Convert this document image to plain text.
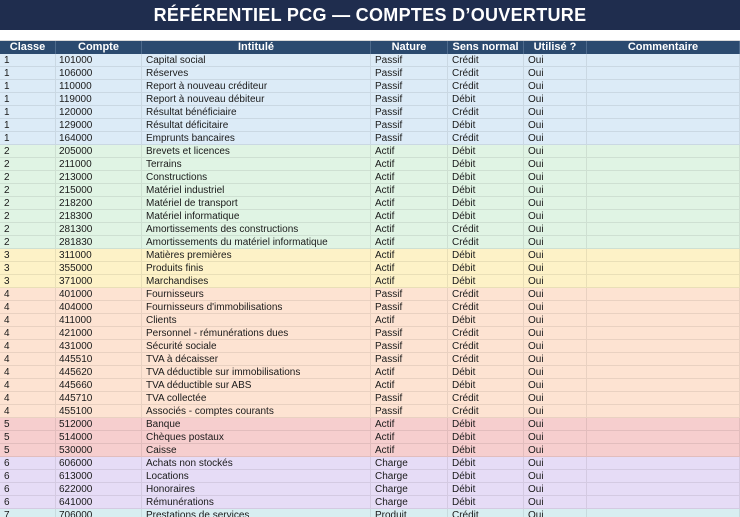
RÉFÉRENTIEL PCG — COMPTES D’OUVERTURE
Classe	Compte	Intitulé	Nature	Sens normal	Utilisé ?	Commentaire
1	101000	Capital social	Passif	Crédit	Oui
1	106000	Réserves	Passif	Crédit	Oui
1	110000	Report à nouveau créditeur	Passif	Crédit	Oui
1	119000	Report à nouveau débiteur	Passif	Débit	Oui
1	120000	Résultat bénéficiaire	Passif	Crédit	Oui
1	129000	Résultat déficitaire	Passif	Débit	Oui
1	164000	Emprunts bancaires	Passif	Crédit	Oui
2	205000	Brevets et licences	Actif	Débit	Oui
2	211000	Terrains	Actif	Débit	Oui
2	213000	Constructions	Actif	Débit	Oui
2	215000	Matériel industriel	Actif	Débit	Oui
2	218200	Matériel de transport	Actif	Débit	Oui
2	218300	Matériel informatique	Actif	Débit	Oui
2	281300	Amortissements des constructions	Actif	Crédit	Oui
2	281830	Amortissements du matériel informatique	Actif	Crédit	Oui
3	311000	Matières premières	Actif	Débit	Oui
3	355000	Produits finis	Actif	Débit	Oui
3	371000	Marchandises	Actif	Débit	Oui
4	401000	Fournisseurs	Passif	Crédit	Oui
4	404000	Fournisseurs d'immobilisations	Passif	Crédit	Oui
4	411000	Clients	Actif	Débit	Oui
4	421000	Personnel - rémunérations dues	Passif	Crédit	Oui
4	431000	Sécurité sociale	Passif	Crédit	Oui
4	445510	TVA à décaisser	Passif	Crédit	Oui
4	445620	TVA déductible sur immobilisations	Actif	Débit	Oui
4	445660	TVA déductible sur ABS	Actif	Débit	Oui
4	445710	TVA collectée	Passif	Crédit	Oui
4	455100	Associés - comptes courants	Passif	Crédit	Oui
5	512000	Banque	Actif	Débit	Oui
5	514000	Chèques postaux	Actif	Débit	Oui
5	530000	Caisse	Actif	Débit	Oui
6	606000	Achats non stockés	Charge	Débit	Oui
6	613000	Locations	Charge	Débit	Oui
6	622000	Honoraires	Charge	Débit	Oui
6	641000	Rémunérations	Charge	Débit	Oui
7	706000	Prestations de services	Produit	Crédit	Oui
